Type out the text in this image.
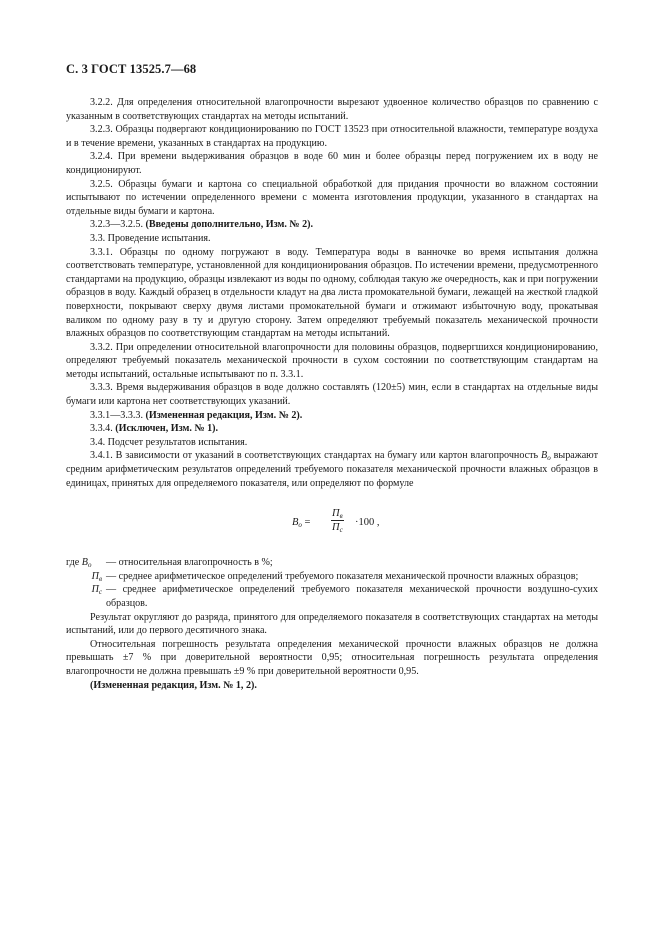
С. 3 ГОСТ 13525.7—68

3.2.2. Для определения относительной влагопрочности вырезают удвоенное количество образцов по сравнению с указанным в соответствующих стандартах на методы испытаний.

3.2.3. Образцы подвергают кондиционированию по ГОСТ 13523 при относительной влажности, температуре воздуха и в течение времени, указанных в стандартах на продукцию.

3.2.4. При времени выдерживания образцов в воде 60 мин и более образцы перед погружением их в воду не кондиционируют.

3.2.5. Образцы бумаги и картона со специальной обработкой для придания прочности во влажном состоянии испытывают по истечении определенного времени с момента изготовления продукции, указанного в стандартах на отдельные виды бумаги и картона.

3.2.3—3.2.5. (Введены дополнительно, Изм. № 2).

3.3. Проведение испытания.

3.3.1. Образцы по одному погружают в воду. Температура воды в ванночке во время испытания должна соответствовать температуре, установленной для кондиционирования образцов. По истечении времени, предусмотренного стандартами на продукцию, образцы извлекают из воды по одному, соблюдая такую же очередность, как и при погружении образцов в воду. Каждый образец в отдельности кладут на два листа промокательной бумаги, лежащей на жесткой гладкой поверхности, покрывают сверху двумя листами промокательной бумаги и отжимают избыточную воду, прокатывая валиком по одному разу в ту и другую сторону. Затем определяют требуемый показатель механической прочности влажных образцов по соответствующим стандартам на методы испытаний.

3.3.2. При определении относительной влагопрочности для половины образцов, подвергшихся кондиционированию, определяют требуемый показатель механической прочности в сухом состоянии по соответствующим стандартам на методы испытаний, остальные испытывают по п. 3.3.1.

3.3.3. Время выдерживания образцов в воде должно составлять (120±5) мин, если в стандартах на отдельные виды бумаги или картона нет соответствующих указаний.

3.3.1—3.3.3. (Измененная редакция, Изм. № 2).

3.3.4. (Исключен, Изм. № 1).

3.4. Подсчет результатов испытания.

3.4.1. В зависимости от указаний в соответствующих стандартах на бумагу или картон влагопрочность $В_о$ выражают средним арифметическим результатов определений требуемого показателя механической прочности влажных образцов в единицах, принятых для определяемого показателя, или определяют по формуле

$В_о$ =
$П_в$
$П_с$
·100 ,
где $В_о$	— относительная влагопрочность в %;
$П_в$ — среднее арифметическое определений требуемого показателя механической прочности влажных образцов;
$П_с$ — среднее арифметическое определений требуемого показателя механической прочности воздушно-сухих образцов.

Результат округляют до разряда, принятого для определяемого показателя в соответствующих стандартах на методы испытаний, или до первого десятичного знака.

Относительная погрешность результата определения механической прочности влажных образцов не должна превышать ±7 % при доверительной вероятности 0,95; относительная погрешность результата определения влагопрочности не должна превышать ±9 % при доверительной вероятности 0,95.

(Измененная редакция, Изм. № 1, 2).
